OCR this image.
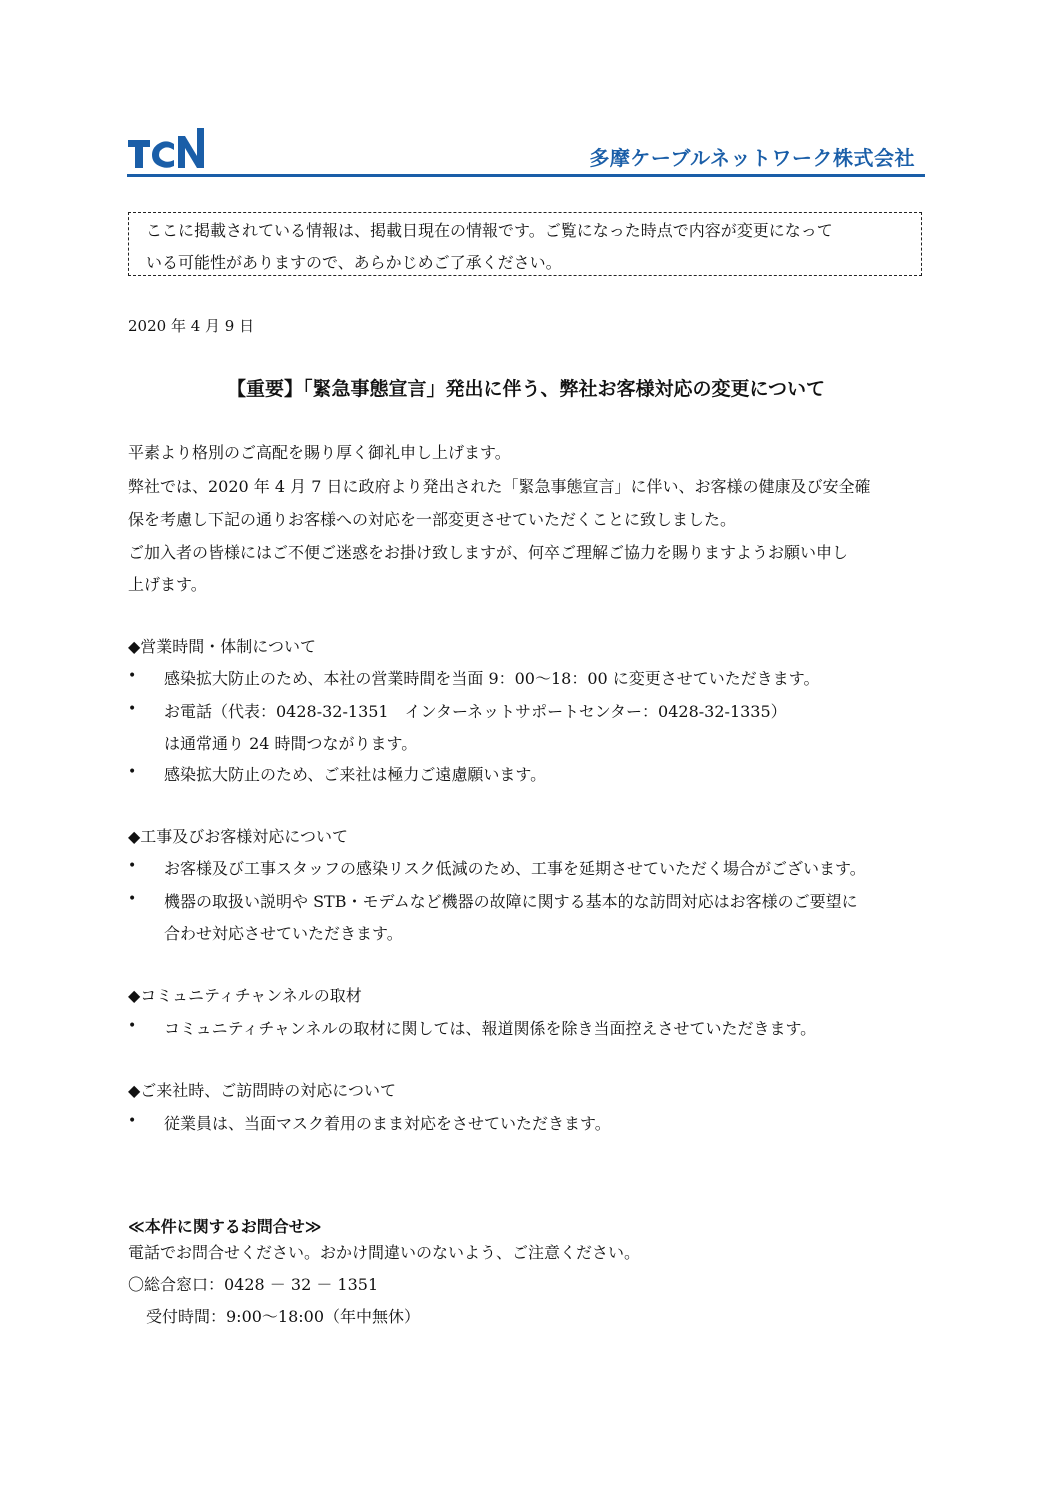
多摩ケーブルネットワーク株式会社
ここに掲載されている情報は、掲載日現在の情報です。ご覧になった時点で内容が変更になって
いる可能性がありますので、あらかじめご了承ください。
2020 年 4 月 9 日
【重要】「緊急事態宣言」発出に伴う、弊社お客様対応の変更について
平素より格別のご高配を賜り厚く御礼申し上げます。
弊社では、2020 年 4 月 7 日に政府より発出された「緊急事態宣言」に伴い、お客様の健康及び安全確
保を考慮し下記の通りお客様への対応を一部変更させていただくことに致しました。
ご加入者の皆様にはご不便ご迷惑をお掛け致しますが、何卒ご理解ご協力を賜りますようお願い申し
上げます。
◆営業時間・体制について
• 感染拡大防止のため、本社の営業時間を当面 9：00～18：00 に変更させていただきます。
• お電話（代表：0428-32-1351　インターネットサポートセンター：0428-32-1335）
は通常通り 24 時間つながります。
• 感染拡大防止のため、ご来社は極力ご遠慮願います。
◆工事及びお客様対応について
• お客様及び工事スタッフの感染リスク低減のため、工事を延期させていただく場合がございます。
• 機器の取扱い説明や STB・モデムなど機器の故障に関する基本的な訪問対応はお客様のご要望に
合わせ対応させていただきます。
◆コミュニティチャンネルの取材
• コミュニティチャンネルの取材に関しては、報道関係を除き当面控えさせていただきます。
◆ご来社時、ご訪問時の対応について
• 従業員は、当面マスク着用のまま対応をさせていただきます。
≪本件に関するお問合せ≫
電話でお問合せください。おかけ間違いのないよう、ご注意ください。
〇総合窓口：0428 － 32 － 1351
受付時間：9:00～18:00（年中無休）
